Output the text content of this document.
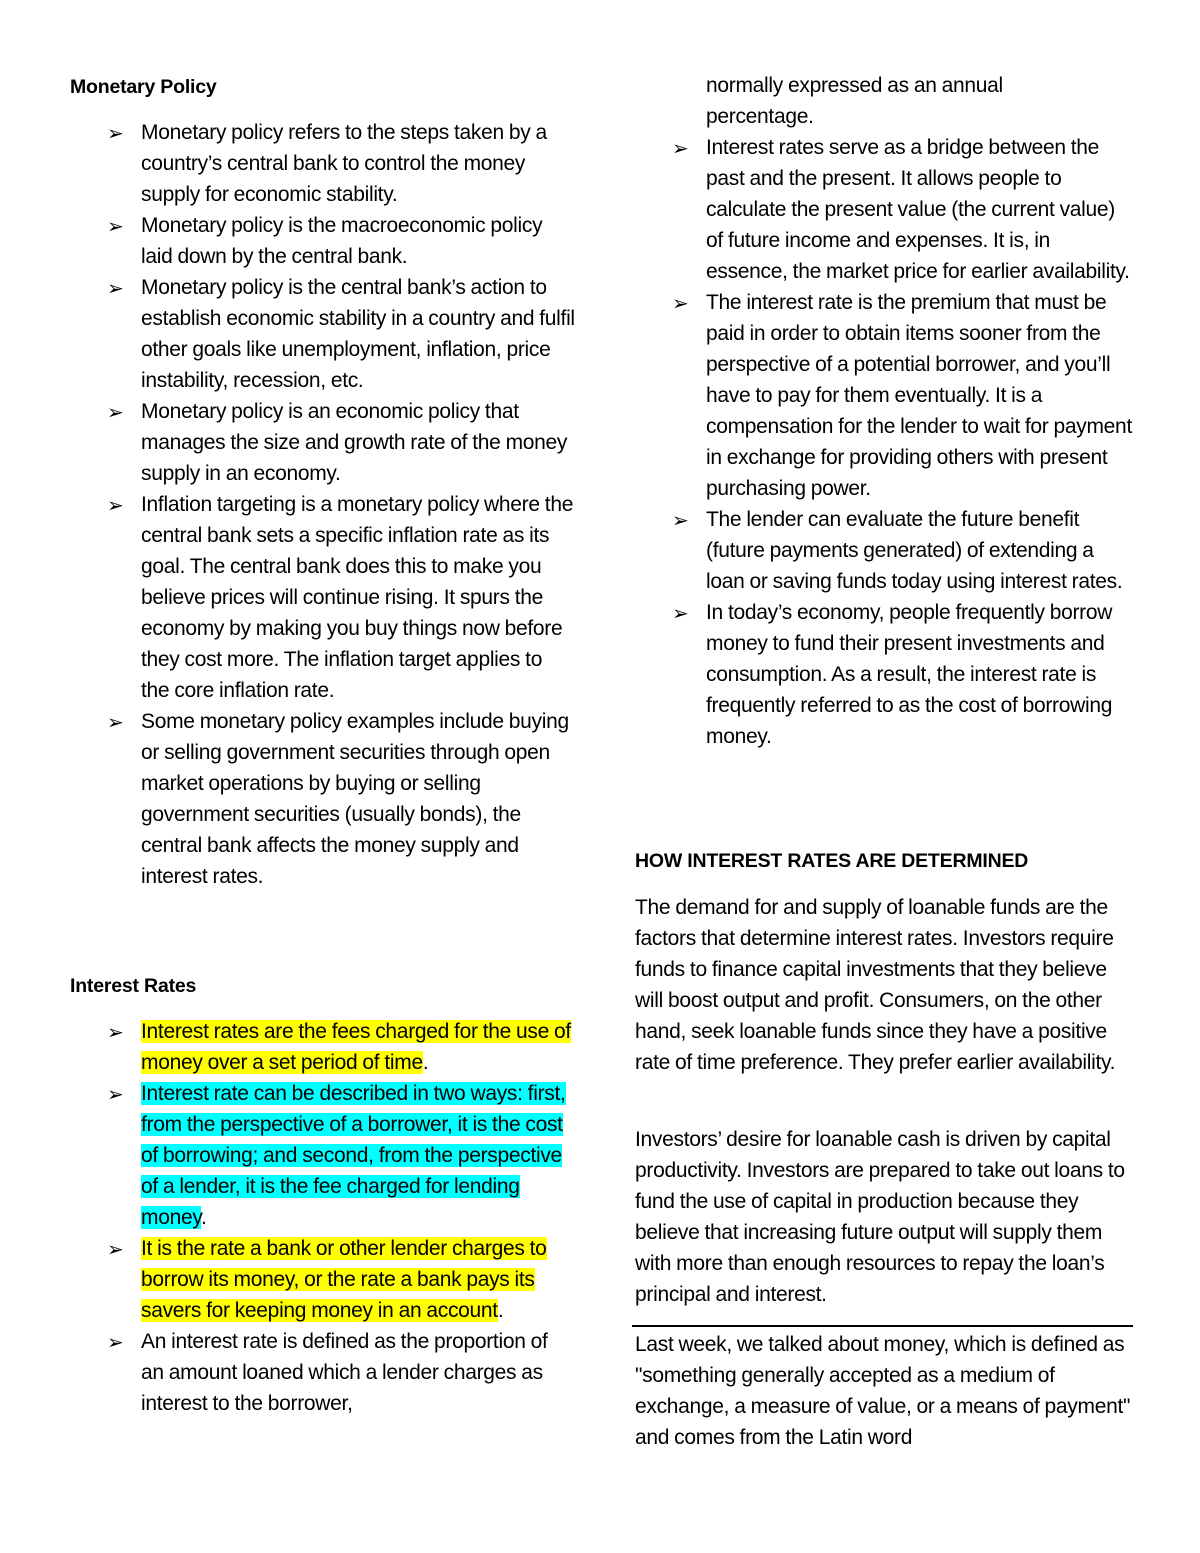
Monetary Policy
➢ Monetary policy refers to the steps taken by a country’s central bank to control the money supply for economic stability.
➢ Monetary policy is the macroeconomic policy laid down by the central bank.
➢ Monetary policy is the central bank’s action to establish economic stability in a country and fulfil other goals like unemployment, inflation, price instability, recession, etc.
➢ Monetary policy is an economic policy that manages the size and growth rate of the money supply in an economy.
➢ Inflation targeting is a monetary policy where the central bank sets a specific inflation rate as its goal. The central bank does this to make you believe prices will continue rising. It spurs the economy by making you buy things now before they cost more. The inflation target applies to the core inflation rate.
➢ Some monetary policy examples include buying or selling government securities through open market operations by buying or selling government securities (usually bonds), the central bank affects the money supply and interest rates.
Interest Rates
➢ Interest rates are the fees charged for the use of money over a set period of time.
➢ Interest rate can be described in two ways: first, from the perspective of a borrower, it is the cost of borrowing; and second, from the perspective of a lender, it is the fee charged for lending money.
➢ It is the rate a bank or other lender charges to borrow its money, or the rate a bank pays its savers for keeping money in an account.
➢ An interest rate is defined as the proportion of an amount loaned which a lender charges as interest to the borrower,
normally expressed as an annual percentage.
➢ Interest rates serve as a bridge between the past and the present. It allows people to calculate the present value (the current value) of future income and expenses. It is, in essence, the market price for earlier availability.
➢ The interest rate is the premium that must be paid in order to obtain items sooner from the perspective of a potential borrower, and you’ll have to pay for them eventually. It is a compensation for the lender to wait for payment in exchange for providing others with present purchasing power.
➢ The lender can evaluate the future benefit (future payments generated) of extending a loan or saving funds today using interest rates.
➢ In today’s economy, people frequently borrow money to fund their present investments and consumption. As a result, the interest rate is frequently referred to as the cost of borrowing money.
HOW INTEREST RATES ARE DETERMINED

The demand for and supply of loanable funds are the factors that determine interest rates. Investors require funds to finance capital investments that they believe will boost output and profit. Consumers, on the other hand, seek loanable funds since they have a positive rate of time preference. They prefer earlier availability.

Investors’ desire for loanable cash is driven by capital productivity. Investors are prepared to take out loans to fund the use of capital in production because they believe that increasing future output will supply them with more than enough resources to repay the loan’s principal and interest.

Last week, we talked about money, which is defined as "something generally accepted as a medium of exchange, a measure of value, or a means of payment" and comes from the Latin word
